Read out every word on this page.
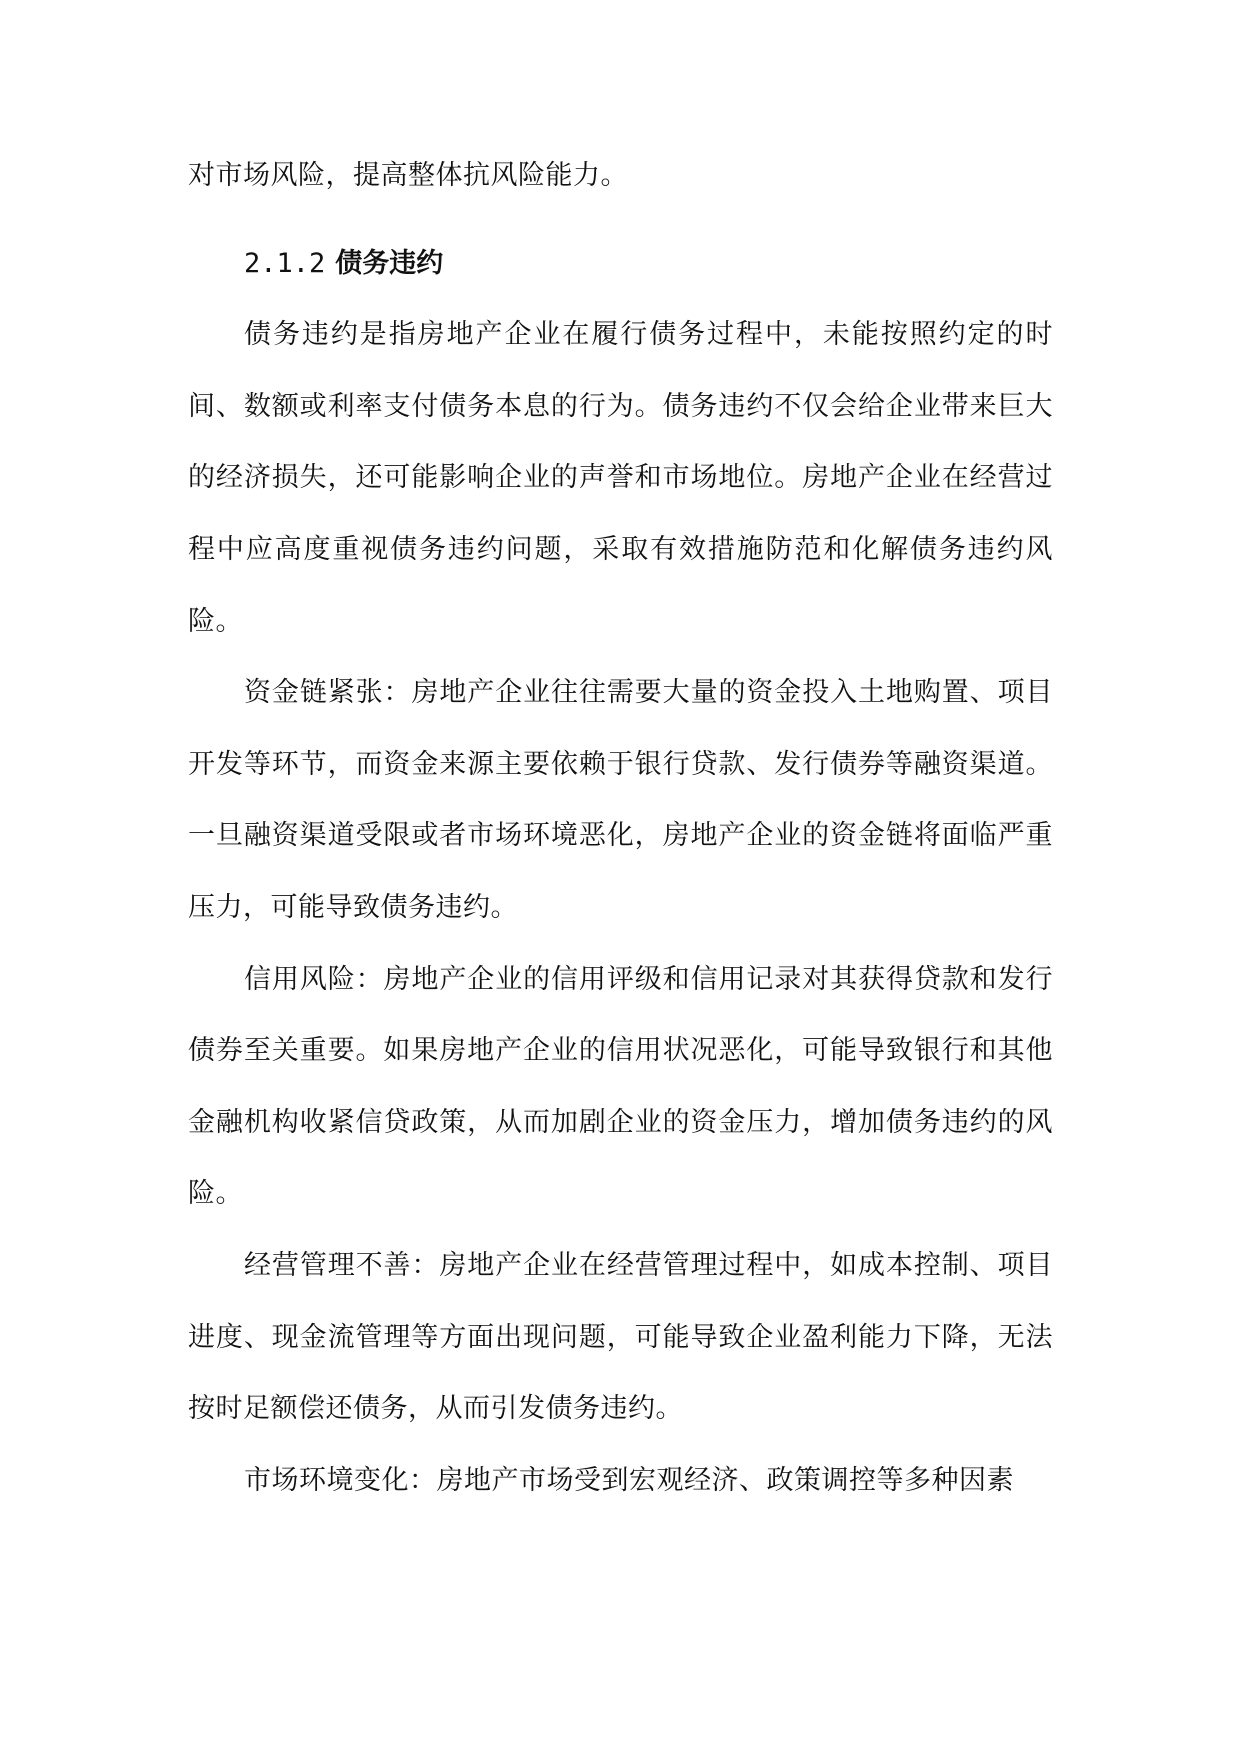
对市场风险，提高整体抗风险能力。

2.1.2 债务违约

债务违约是指房地产企业在履行债务过程中，未能按照约定的时间、数额或利率支付债务本息的行为。债务违约不仅会给企业带来巨大的经济损失，还可能影响企业的声誉和市场地位。房地产企业在经营过程中应高度重视债务违约问题，采取有效措施防范和化解债务违约风险。

资金链紧张：房地产企业往往需要大量的资金投入土地购置、项目开发等环节，而资金来源主要依赖于银行贷款、发行债券等融资渠道。一旦融资渠道受限或者市场环境恶化，房地产企业的资金链将面临严重压力，可能导致债务违约。

信用风险：房地产企业的信用评级和信用记录对其获得贷款和发行债券至关重要。如果房地产企业的信用状况恶化，可能导致银行和其他金融机构收紧信贷政策，从而加剧企业的资金压力，增加债务违约的风险。

经营管理不善：房地产企业在经营管理过程中，如成本控制、项目进度、现金流管理等方面出现问题，可能导致企业盈利能力下降，无法按时足额偿还债务，从而引发债务违约。

市场环境变化：房地产市场受到宏观经济、政策调控等多种因素
